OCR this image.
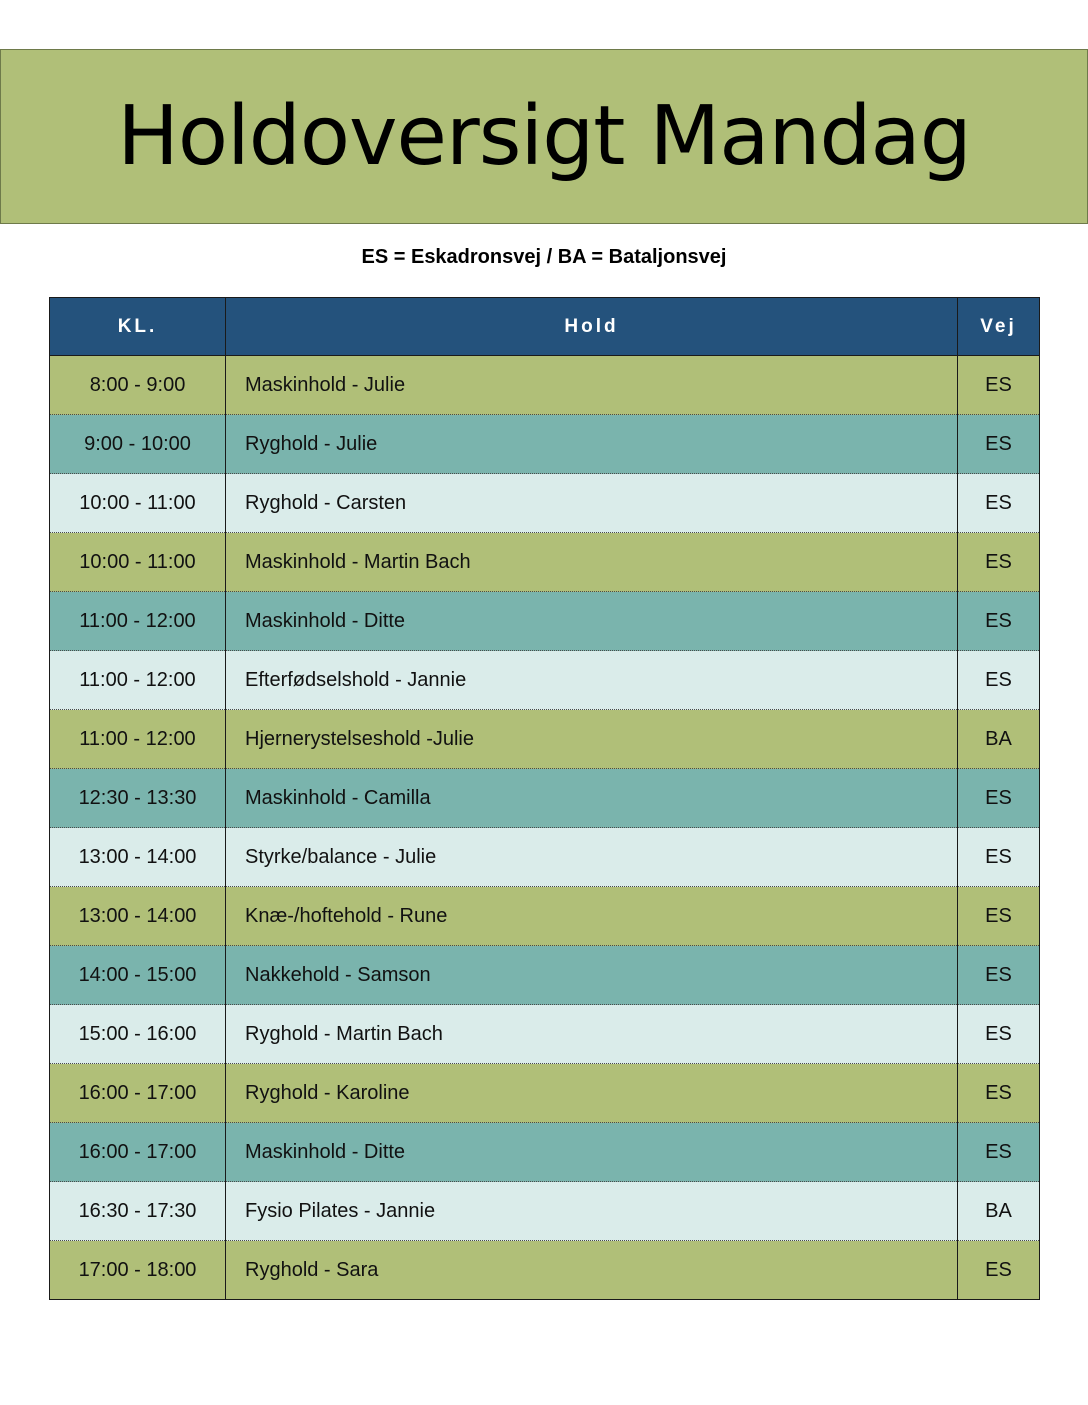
Holdoversigt Mandag
ES = Eskadronsvej / BA = Bataljonsvej
KL.	Hold	Vej
8:00 - 9:00	Maskinhold - Julie	ES
9:00 - 10:00	Ryghold - Julie	ES
10:00 - 11:00	Ryghold - Carsten	ES
10:00 - 11:00	Maskinhold - Martin Bach	ES
11:00 - 12:00	Maskinhold - Ditte	ES
11:00 - 12:00	Efterfødselshold - Jannie	ES
11:00 - 12:00	Hjernerystelseshold -Julie	BA
12:30 - 13:30	Maskinhold - Camilla	ES
13:00 - 14:00	Styrke/balance - Julie	ES
13:00 - 14:00	Knæ-/hoftehold - Rune	ES
14:00 - 15:00	Nakkehold - Samson	ES
15:00 - 16:00	Ryghold - Martin Bach	ES
16:00 - 17:00	Ryghold - Karoline	ES
16:00 - 17:00	Maskinhold - Ditte	ES
16:30 - 17:30	Fysio Pilates - Jannie	BA
17:00 - 18:00	Ryghold - Sara	ES
